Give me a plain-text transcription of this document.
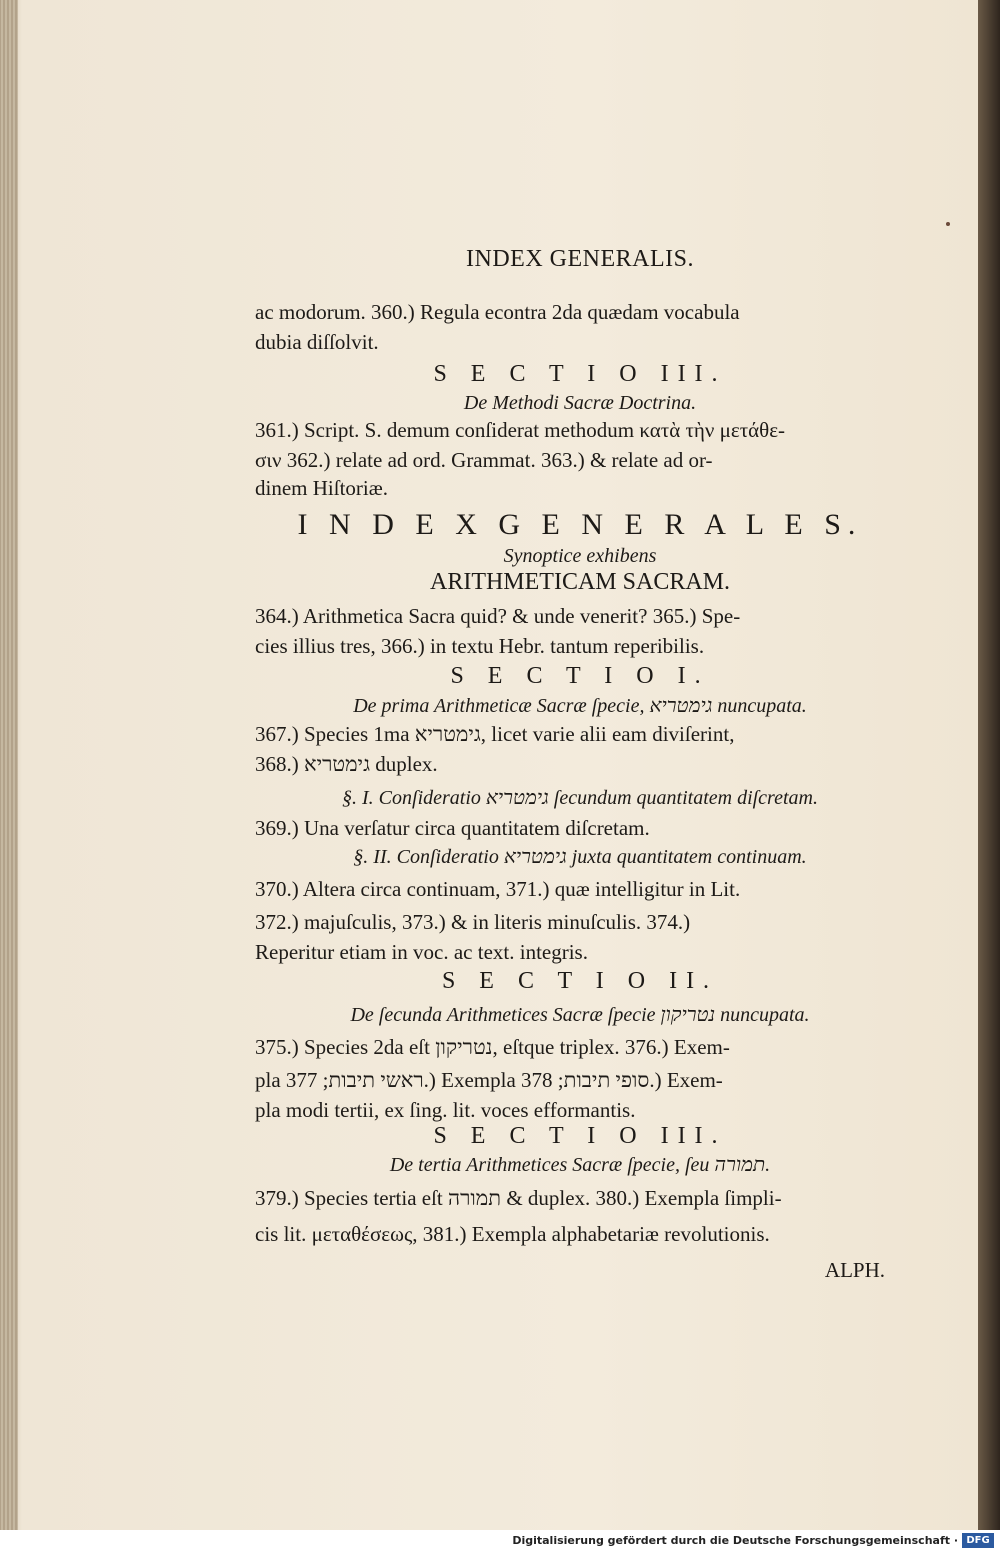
INDEX GENERALIS.
ac modorum. 360.) Regula econtra 2da quædam vocabula
dubia diſſolvit.
S E C T I O III.
De Methodi Sacræ Doctrina.
361.) Script. S. demum conſiderat methodum κατὰ τὴν μετάθε-
σιν 362.) relate ad ord. Grammat. 363.) & relate ad or-
dinem Hiſtoriæ.
I N D E X G E N E R A L E S.
Synoptice exhibens
ARITHMETICAM SACRAM.
364.) Arithmetica Sacra quid? & unde venerit? 365.) Spe-
cies illius tres, 366.) in textu Hebr. tantum reperibilis.
S E C T I O I.
De prima Arithmeticæ Sacræ ſpecie, גימטריא nuncupata.
367.) Species 1ma גימטריא, licet varie alii eam diviſerint,
368.) גימטריא duplex.
§. I. Conſideratio גימטריא ſecundum quantitatem diſcretam.
369.) Una verſatur circa quantitatem diſcretam.
§. II. Conſideratio גימטריא juxta quantitatem continuam.
370.) Altera circa continuam, 371.) quæ intelligitur in Lit.
372.) majuſculis, 373.) & in literis minuſculis. 374.)
Reperitur etiam in voc. ac text. integris.
S E C T I O II.
De ſecunda Arithmetices Sacræ ſpecie נטריקון nuncupata.
375.) Species 2da eſt נטריקון, eſtque triplex. 376.) Exem-
pla ראשי תיבות; 377.) Exempla סופי תיבות; 378.) Exem-
pla modi tertii, ex ſing. lit. voces efformantis.
S E C T I O III.
De tertia Arithmetices Sacræ ſpecie, ſeu תמורה.
379.) Species tertia eſt תמורה & duplex. 380.) Exempla ſimpli-
cis lit. μεταθέσεως, 381.) Exempla alphabetariæ revolutionis.
ALPH.
Digitalisierung gefördert durch die Deutsche Forschungsgemeinschaft · DFG
